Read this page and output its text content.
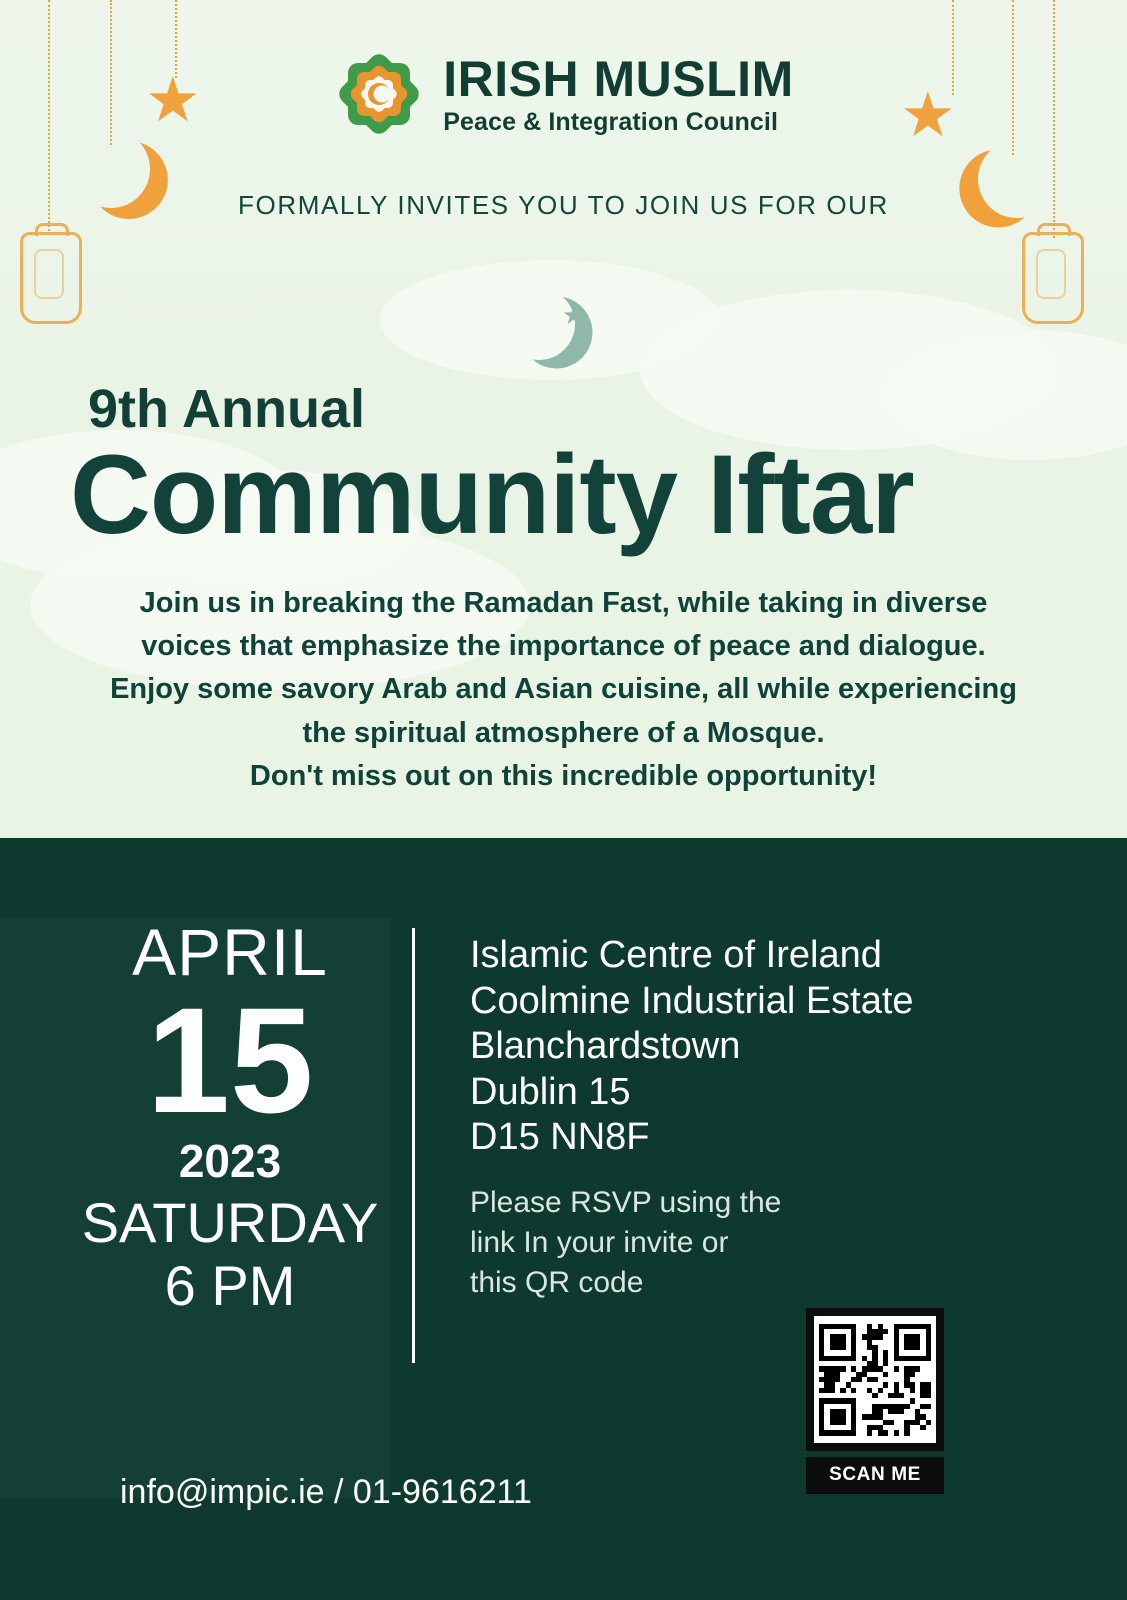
★	★
IRISH MUSLIM
Peace & Integration Council
FORMALLY INVITES YOU TO JOIN US FOR OUR
★
9th Annual
Community Iftar
Join us in breaking the Ramadan Fast, while taking in diverse
voices that emphasize the importance of peace and dialogue.
Enjoy some savory Arab and Asian cuisine, all while experiencing
the spiritual atmosphere of a Mosque.
Don't miss out on this incredible opportunity!
APRIL
15
2023
SATURDAY
6 PM
Islamic Centre of Ireland
Coolmine Industrial Estate
Blanchardstown
Dublin 15
D15 NN8F
Please RSVP using the
link In your invite or
this QR code
SCAN ME
info@impic.ie / 01-9616211
